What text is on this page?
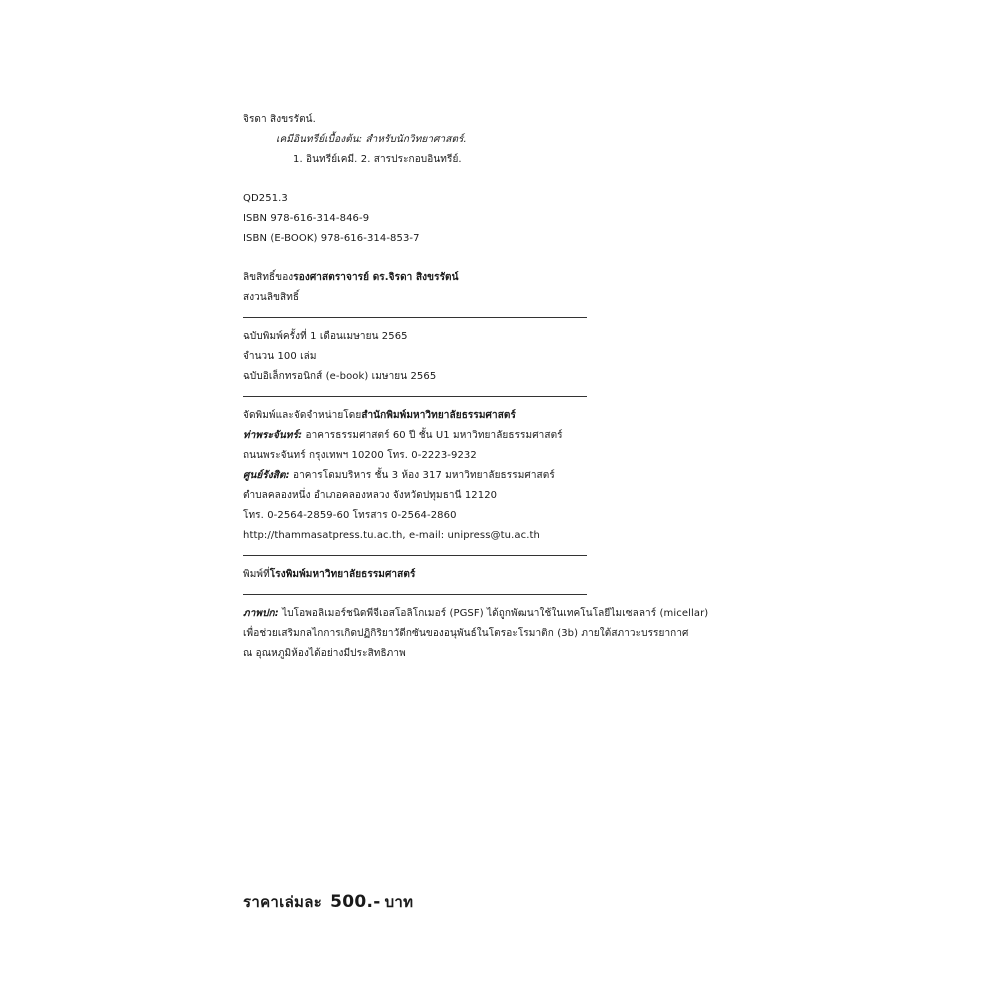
จิรดา สิงขรรัตน์.
เคมีอินทรีย์เบื้องต้น: สำหรับนักวิทยาศาสตร์.
1. อินทรีย์เคมี. 2. สารประกอบอินทรีย์.
QD251.3
ISBN 978-616-314-846-9
ISBN (E-BOOK) 978-616-314-853-7
ลิขสิทธิ์ของรองศาสตราจารย์ ดร.จิรดา สิงขรรัตน์
สงวนลิขสิทธิ์
ฉบับพิมพ์ครั้งที่ 1 เดือนเมษายน 2565
จำนวน 100 เล่ม
ฉบับอิเล็กทรอนิกส์ (e-book) เมษายน 2565
จัดพิมพ์และจัดจำหน่ายโดยสำนักพิมพ์มหาวิทยาลัยธรรมศาสตร์
ท่าพระจันทร์: อาคารธรรมศาสตร์ 60 ปี ชั้น U1 มหาวิทยาลัยธรรมศาสตร์
ถนนพระจันทร์ กรุงเทพฯ 10200 โทร. 0-2223-9232
ศูนย์รังสิต: อาคารโดมบริหาร ชั้น 3 ห้อง 317 มหาวิทยาลัยธรรมศาสตร์
ตำบลคลองหนึ่ง อำเภอคลองหลวง จังหวัดปทุมธานี 12120
โทร. 0-2564-2859-60 โทรสาร 0-2564-2860
http://thammasatpress.tu.ac.th, e-mail: unipress@tu.ac.th
พิมพ์ที่โรงพิมพ์มหาวิทยาลัยธรรมศาสตร์
ภาพปก: ไบโอพอลิเมอร์ชนิดพีจีเอสโอลิโกเมอร์ (PGSF) ได้ถูกพัฒนาใช้ในเทคโนโลยีไมเซลลาร์ (micellar)
เพื่อช่วยเสริมกลไกการเกิดปฏิกิริยาวัดีกซันของอนุพันธ์ในโตรอะโรมาติก (3b) ภายใต้สภาวะบรรยากาศ
ณ อุณหภูมิห้องได้อย่างมีประสิทธิภาพ
ราคาเล่มละ 500.- บาท
